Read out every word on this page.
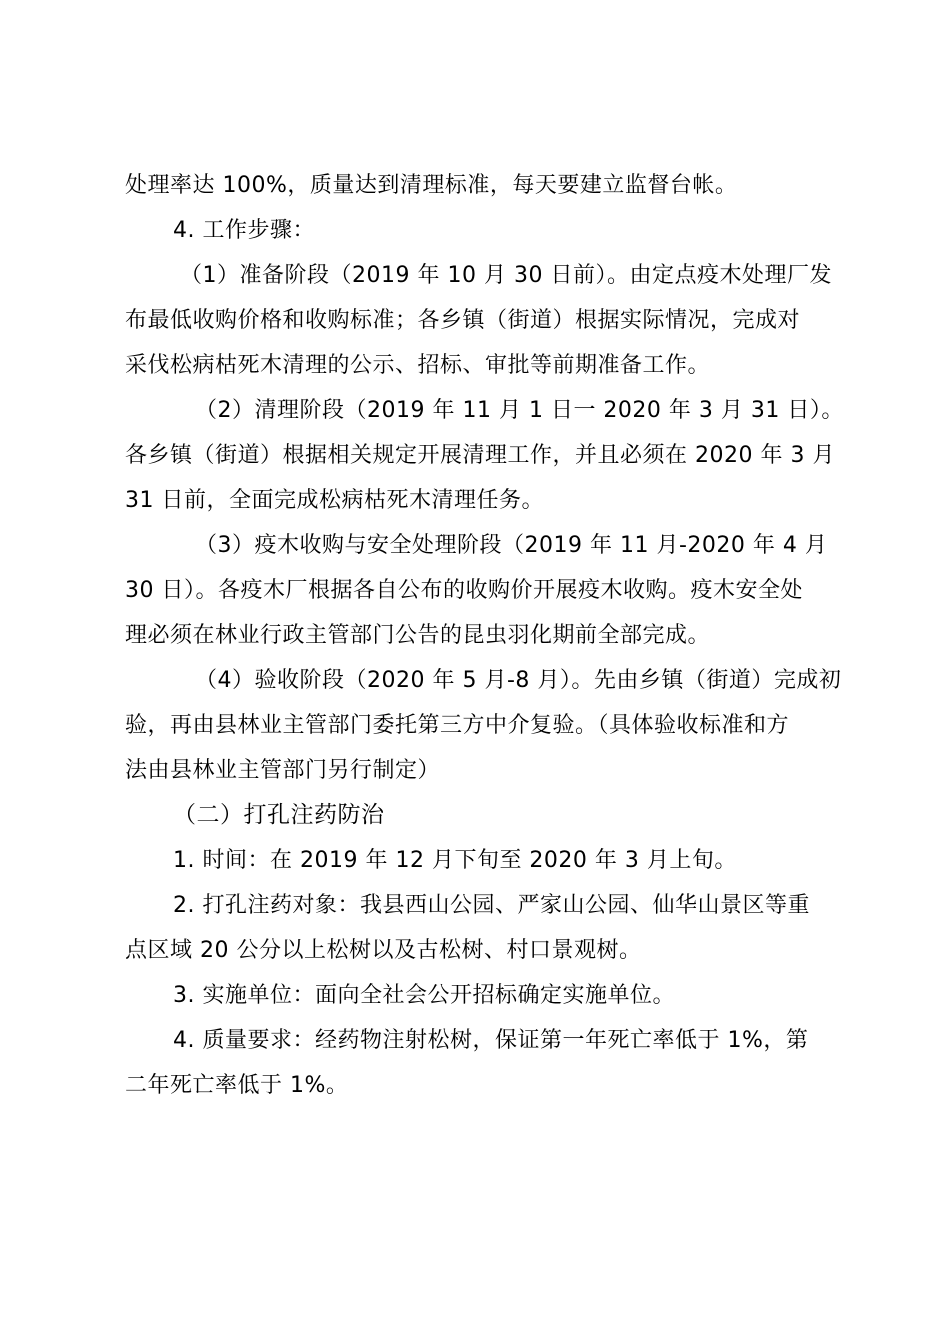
处理率达 100%，质量达到清理标准，每天要建立监督台帐。
4. 工作步骤：
（1）准备阶段（2019 年 10 月 30 日前）。由定点疫木处理厂发
布最低收购价格和收购标准；各乡镇（街道）根据实际情况，完成对
采伐松病枯死木清理的公示、招标、审批等前期准备工作。
（2）清理阶段（2019 年 11 月 1 日一 2020 年 3 月 31 日）。
各乡镇（街道）根据相关规定开展清理工作，并且必须在 2020 年 3 月
31 日前，全面完成松病枯死木清理任务。
（3）疫木收购与安全处理阶段（2019 年 11 月-2020 年 4 月
30 日）。各疫木厂根据各自公布的收购价开展疫木收购。疫木安全处
理必须在林业行政主管部门公告的昆虫羽化期前全部完成。
（4）验收阶段（2020 年 5 月-8 月）。先由乡镇（街道）完成初
验，再由县林业主管部门委托第三方中介复验。（具体验收标准和方
法由县林业主管部门另行制定）
（二）打孔注药防治
1. 时间：在 2019 年 12 月下旬至 2020 年 3 月上旬。
2. 打孔注药对象：我县西山公园、严家山公园、仙华山景区等重
点区域 20 公分以上松树以及古松树、村口景观树。
3. 实施单位：面向全社会公开招标确定实施单位。
4. 质量要求：经药物注射松树，保证第一年死亡率低于 1%，第
二年死亡率低于 1%。
